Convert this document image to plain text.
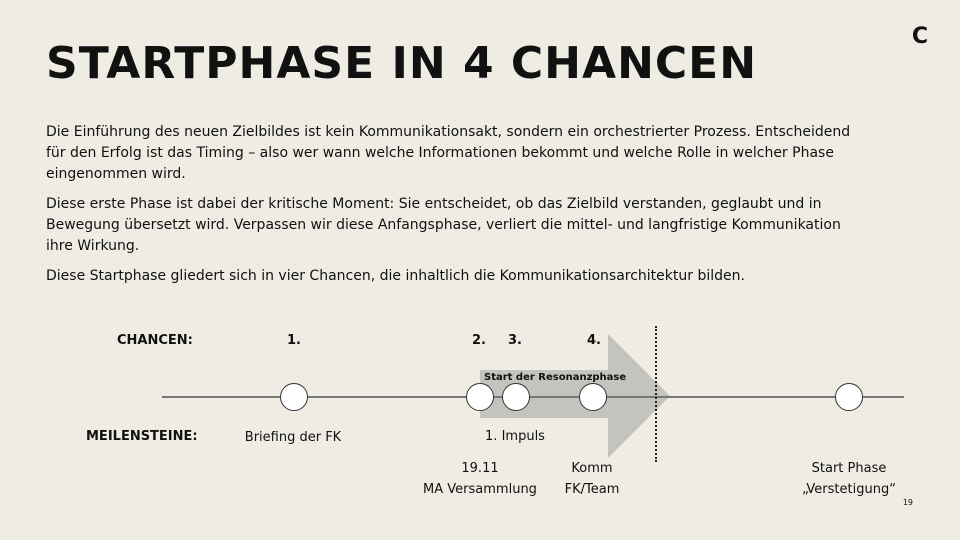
C
STARTPHASE IN 4 CHANCEN

Die Einführung des neuen Zielbildes ist kein Kommunikationsakt, sondern ein orchestrierter Prozess. Entscheidend für den Erfolg ist das Timing – also wer wann welche Informationen bekommt und welche Rolle in welcher Phase eingenommen wird.

Diese erste Phase ist dabei der kritische Moment: Sie entscheidet, ob das Zielbild verstanden, geglaubt und in Bewegung übersetzt wird. Verpassen wir diese Anfangsphase, verliert die mittel- und langfristige Kommunikation ihre Wirkung.

Diese Startphase gliedert sich in vier Chancen, die inhaltlich die Kommunikationsarchitektur bilden.

CHANCEN:
MEILENSTEINE:
1.	2. 3.	4.
Start der Resonanzphase
Briefing der FK	1. Impuls
19.11
MA Versammlung
Komm
FK/Team
Start Phase
„Verstetigung“
19
